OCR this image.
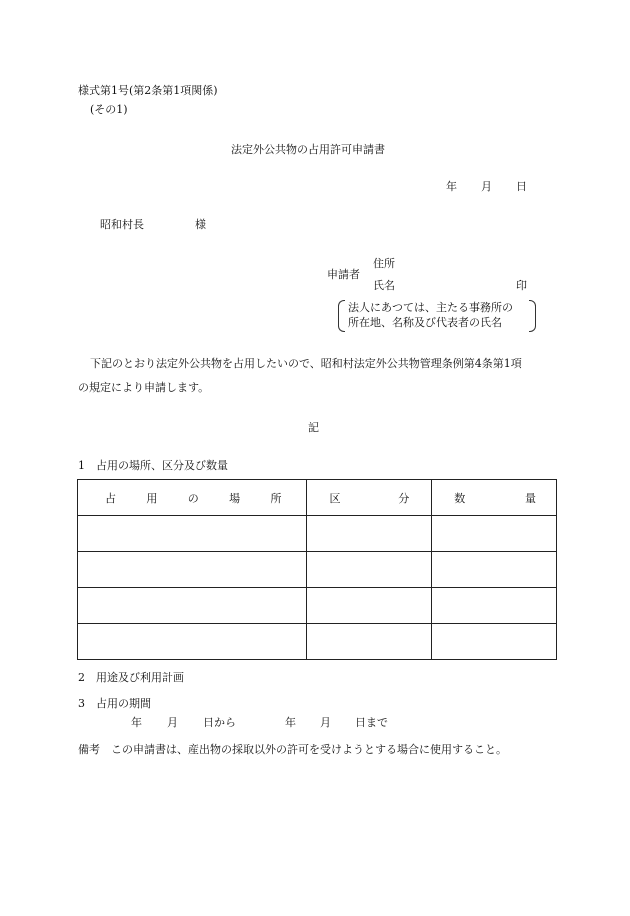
様式第1号(第2条第1項関係)
(その1)
法定外公共物の占用許可申請書
年 月 日
昭和村長	様
住所
申請者
氏名	印
法人にあつては、主たる事務所の
所在地、名称及び代表者の氏名
下記のとおり法定外公共物を占用したいので、昭和村法定外公共物管理条例第4条第1項
の規定により申請します。
記
1　占用の場所、区分及び数量
占 用 の 場 所	区 分	数 量

2　用途及び利用計画
3　占用の期間
年 月 日から	年 月 日まで
備考　この申請書は、産出物の採取以外の許可を受けようとする場合に使用すること。
